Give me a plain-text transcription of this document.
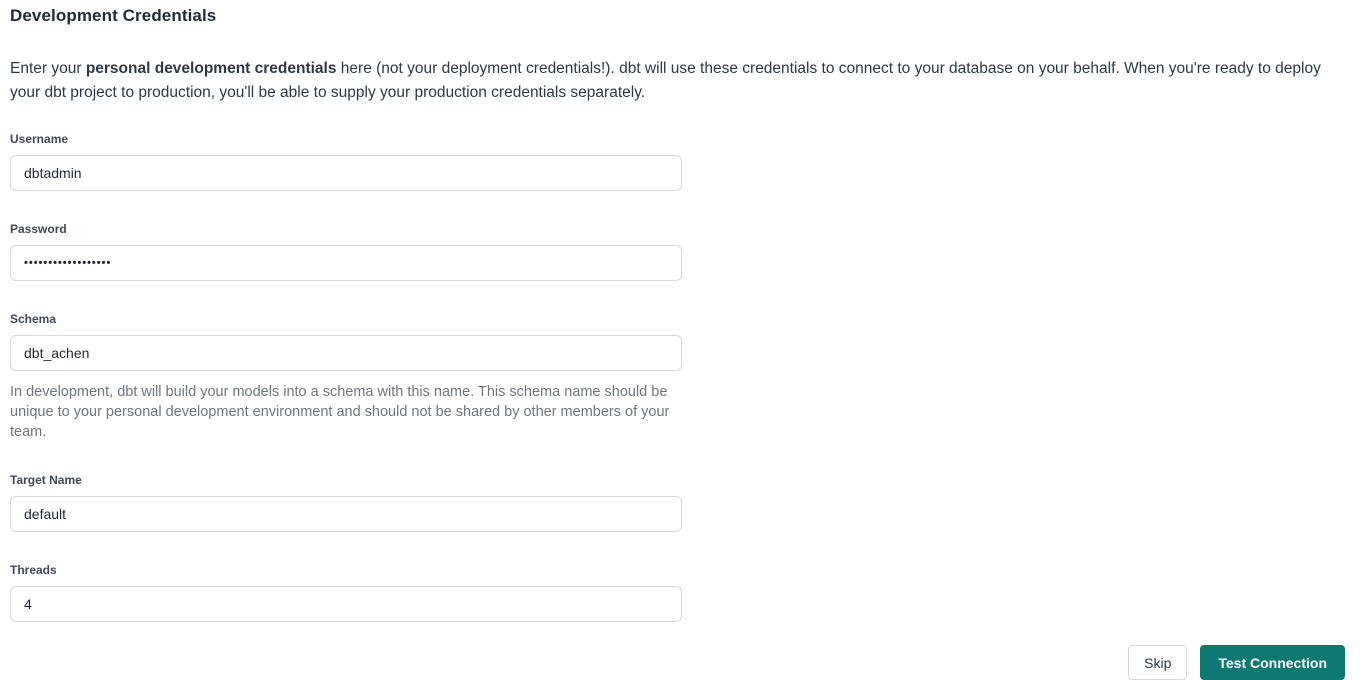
Development Credentials

Enter your personal development credentials here (not your deployment credentials!). dbt will use these credentials to connect to your database on your behalf. When you're ready to deploy your dbt project to production, you'll be able to supply your production credentials separately.

Username
dbtadmin
Password
••••••••••••••••••
Schema
dbt_achen

In development, dbt will build your models into a schema with this name. This schema name should be unique to your personal development environment and should not be shared by other members of your team.

Target Name
default
Threads
4
Skip	Test Connection
